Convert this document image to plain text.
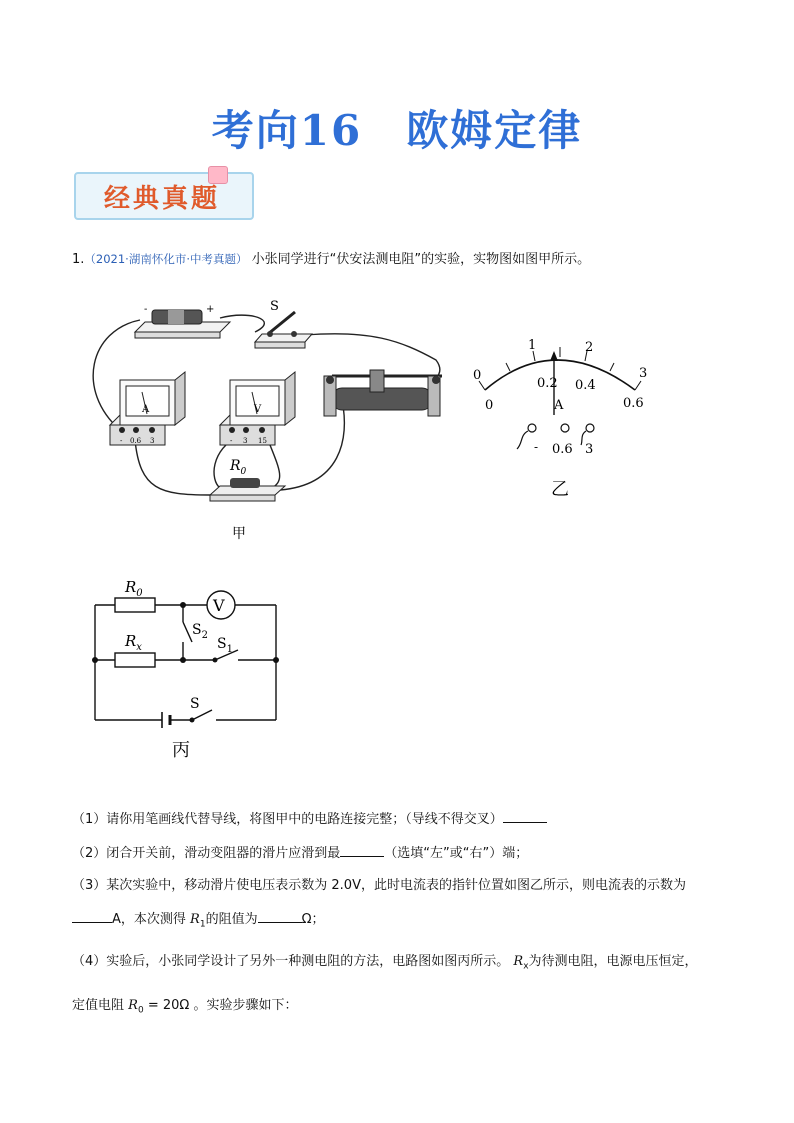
考向16　欧姆定律
经典真题
1.（2021·湖南怀化市·中考真题） 小张同学进行“伏安法测电阻”的实验，实物图如图甲所示。
-	+	S
A
- 0.6 3
V
- 3 15
$R_0$
甲
0
1	2
3
0
0.2 0.4
0.6
A
- 0.6 3
乙
V
$R_0$
$R_x$
$S_2$
$S_1$
S
丙
（1）请你用笔画线代替导线，将图甲中的电路连接完整；（导线不得交叉）
（2）闭合开关前，滑动变阻器的滑片应滑到最	（选填“左”或“右”）端；
（3）某次实验中，移动滑片使电压表示数为 2.0V，此时电流表的指针位置如图乙所示，则电流表的示数为
A，本次测得 $R_1$的阻值为	Ω；
（4）实验后，小张同学设计了另外一种测电阻的方法，电路图如图丙所示。 $R_x$为待测电阻，电源电压恒定，
定值电阻 $R_0 = 20\Omega$ 。实验步骤如下：
